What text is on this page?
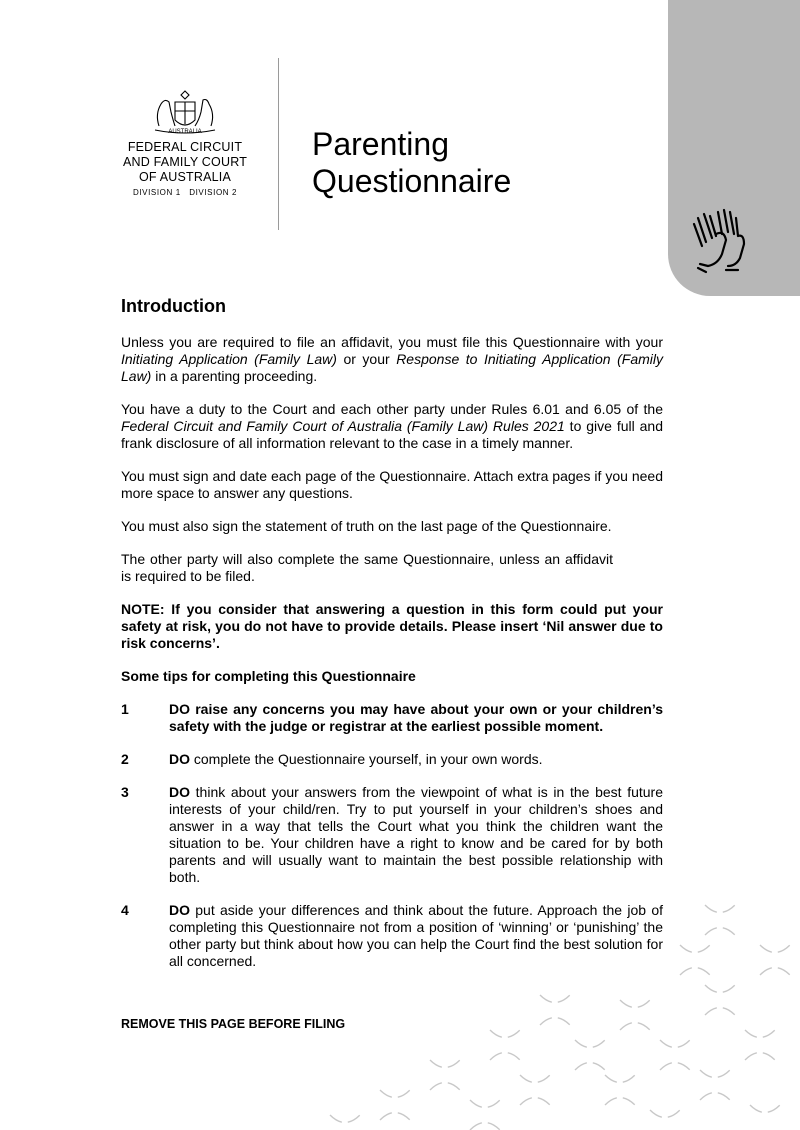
AUSTRALIA
FEDERAL CIRCUIT
AND FAMILY COURT
OF AUSTRALIA
DIVISION 1   DIVISION 2
Parenting
Questionnaire
Introduction

Unless you are required to file an affidavit, you must file this Questionnaire with your Initiating Application (Family Law) or your Response to Initiating Application (Family Law) in a parenting proceeding.

You have a duty to the Court and each other party under Rules 6.01 and 6.05 of the Federal Circuit and Family Court of Australia (Family Law) Rules 2021 to give full and frank disclosure of all information relevant to the case in a timely manner.

You must sign and date each page of the Questionnaire. Attach extra pages if you need more space to answer any questions.

You must also sign the statement of truth on the last page of the Questionnaire.

The other party will also complete the same Questionnaire, unless an affidavit is required to be filed.

NOTE: If you consider that answering a question in this form could put your safety at risk, you do not have to provide details. Please insert ‘Nil answer due to risk concerns’.

Some tips for completing this Questionnaire

1	DO raise any concerns you may have about your own or your children’s safety with the judge or registrar at the earliest possible moment.
2	DO complete the Questionnaire yourself, in your own words.
3	DO think about your answers from the viewpoint of what is in the best future interests of your child/ren. Try to put yourself in your children’s shoes and answer in a way that tells the Court what you think the children want the situation to be. Your children have a right to know and be cared for by both parents and will usually want to maintain the best possible relationship with both.
4	DO put aside your differences and think about the future. Approach the job of completing this Questionnaire not from a position of ‘winning’ or ‘punishing’ the other party but think about how you can help the Court find the best solution for all concerned.
REMOVE THIS PAGE BEFORE FILING
